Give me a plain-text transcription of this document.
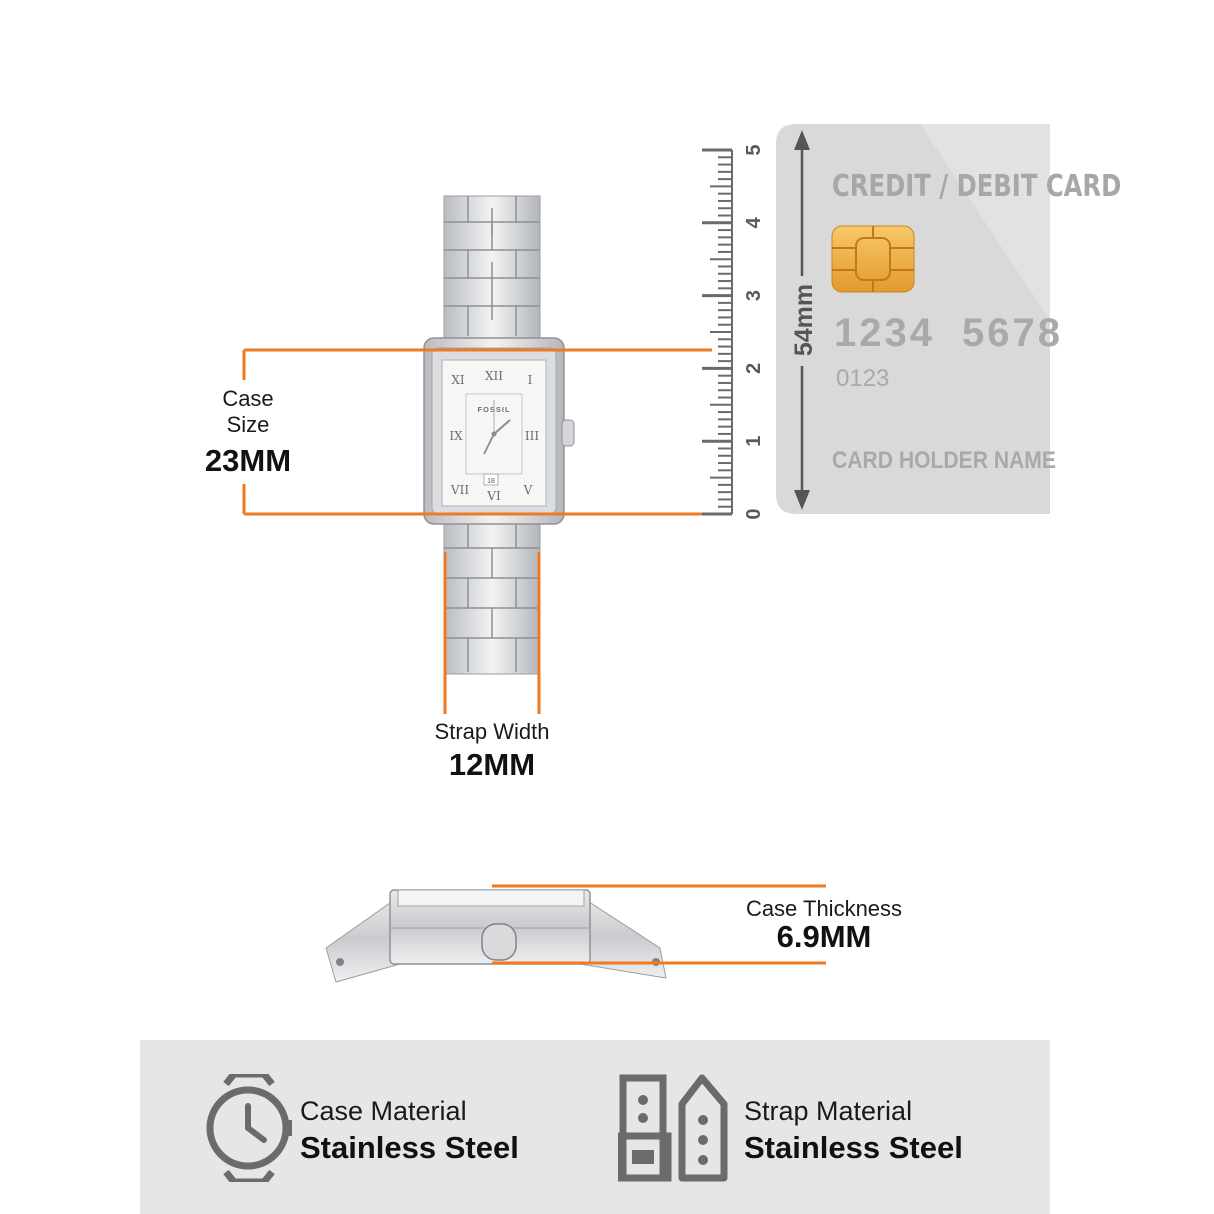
XII
XI	I
IX	III
VII VI V
FOSSIL
18
0
1
2
3
4
5
CREDIT / DEBIT CARD
1234 5678
0123
CARD HOLDER NAME
54mm
Case
Size
23MM
Strap Width
12MM
Case Thickness
6.9MM
Case Material
Stainless Steel
Strap Material
Stainless Steel
